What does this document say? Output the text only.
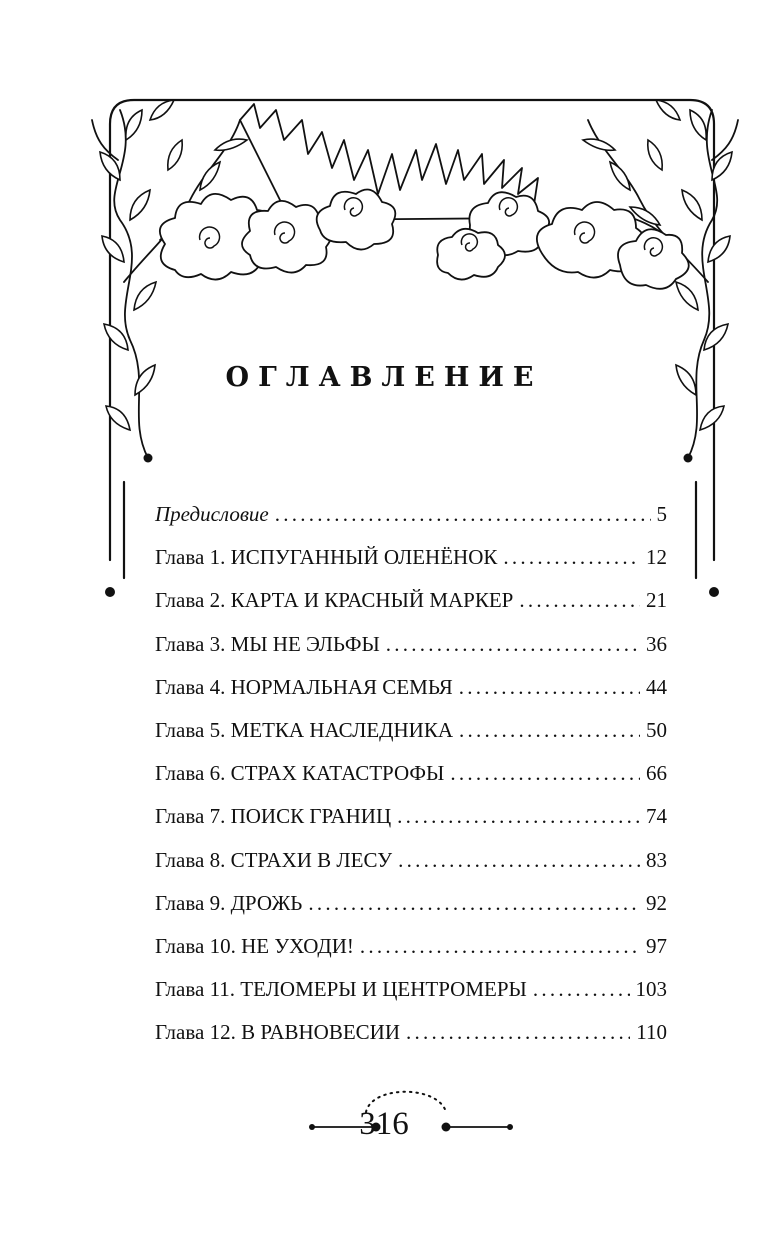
ОГЛАВЛЕНИЕ
Предисловие . . .	5
Глава 1. ИСПУГАННЫЙ ОЛЕНЁНОК . . .	12
Глава 2. КАРТА И КРАСНЫЙ МАРКЕР . . .	21
Глава 3. МЫ НЕ ЭЛЬФЫ . . .	36
Глава 4. НОРМАЛЬНАЯ СЕМЬЯ . . .	44
Глава 5. МЕТКА НАСЛЕДНИКА . . .	50
Глава 6. СТРАХ КАТАСТРОФЫ . . .	66
Глава 7. ПОИСК ГРАНИЦ . . .	74
Глава 8. СТРАХИ В ЛЕСУ . . .	83
Глава 9. ДРОЖЬ . . .	92
Глава 10. НЕ УХОДИ! . . .	97
Глава 11. ТЕЛОМЕРЫ И ЦЕНТРОМЕРЫ . . .	103
Глава 12. В РАВНОВЕСИИ . . .	110
316
